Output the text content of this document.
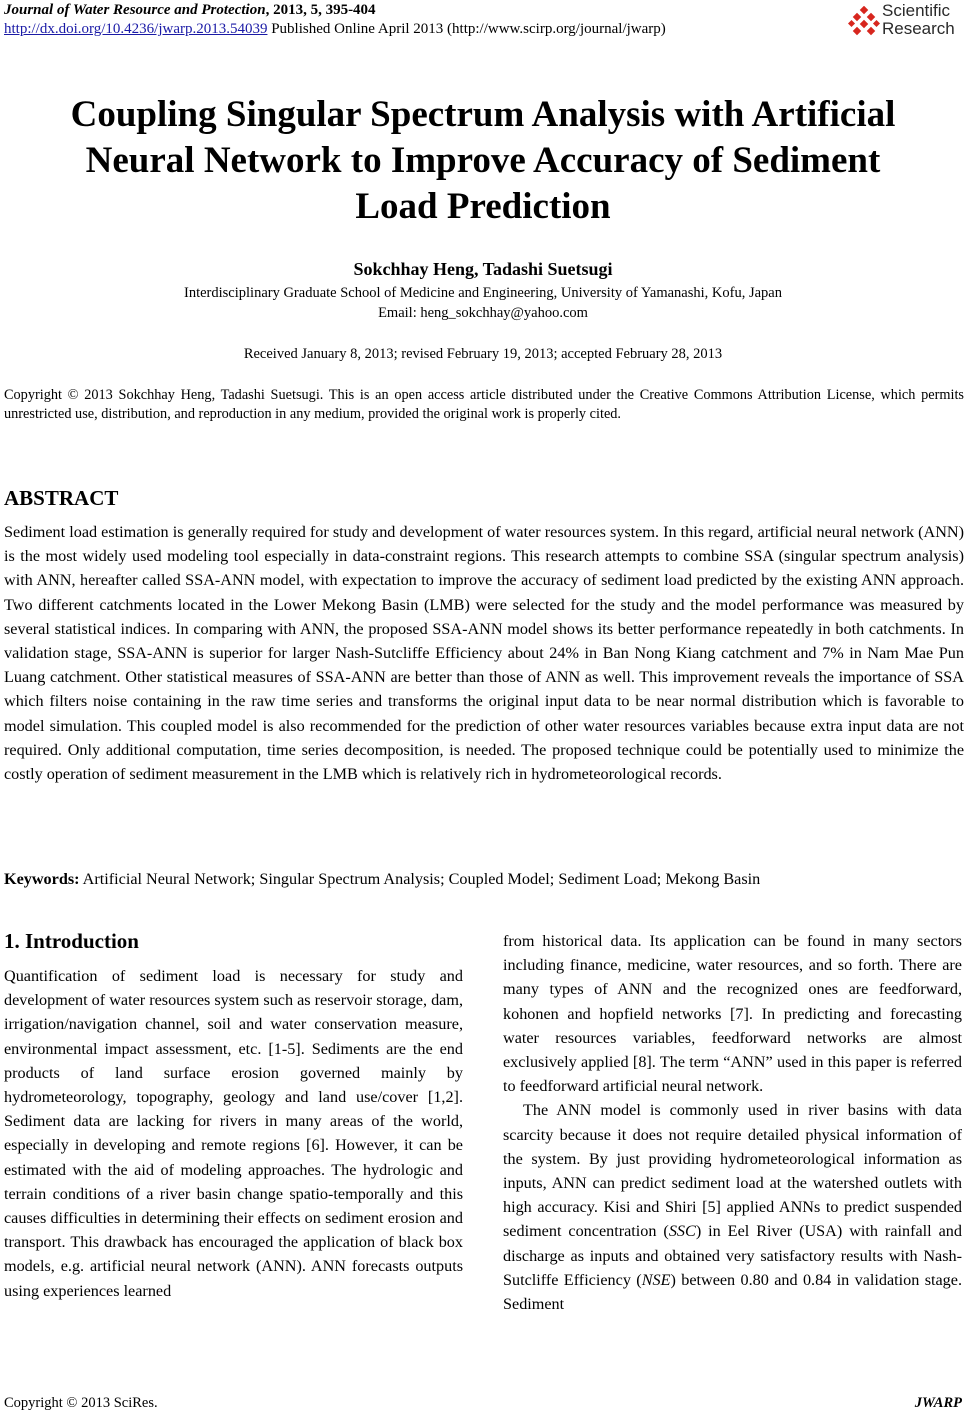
Journal of Water Resource and Protection, 2013, 5, 395-404
http://dx.doi.org/10.4236/jwarp.2013.54039 Published Online April 2013 (http://www.scirp.org/journal/jwarp)
Scientific
Research
Coupling Singular Spectrum Analysis with Artificial
Neural Network to Improve Accuracy of Sediment
Load Prediction
Sokchhay Heng, Tadashi Suetsugi
Interdisciplinary Graduate School of Medicine and Engineering, University of Yamanashi, Kofu, Japan
Email: heng_sokchhay@yahoo.com
Received January 8, 2013; revised February 19, 2013; accepted February 28, 2013
Copyright © 2013 Sokchhay Heng, Tadashi Suetsugi. This is an open access article distributed under the Creative Commons Attribution License, which permits unrestricted use, distribution, and reproduction in any medium, provided the original work is properly cited.
ABSTRACT
Sediment load estimation is generally required for study and development of water resources system. In this regard, artificial neural network (ANN) is the most widely used modeling tool especially in data-constraint regions. This research attempts to combine SSA (singular spectrum analysis) with ANN, hereafter called SSA-ANN model, with expectation to improve the accuracy of sediment load predicted by the existing ANN approach. Two different catchments located in the Lower Mekong Basin (LMB) were selected for the study and the model performance was measured by several statistical indices. In comparing with ANN, the proposed SSA-ANN model shows its better performance repeatedly in both catchments. In validation stage, SSA-ANN is superior for larger Nash-Sutcliffe Efficiency about 24% in Ban Nong Kiang catchment and 7% in Nam Mae Pun Luang catchment. Other statistical measures of SSA-ANN are better than those of ANN as well. This improvement reveals the importance of SSA which filters noise containing in the raw time series and transforms the original input data to be near normal distribution which is favorable to model simulation. This coupled model is also recommended for the prediction of other water resources variables because extra input data are not required. Only additional computation, time series decomposition, is needed. The proposed technique could be potentially used to minimize the costly operation of sediment measurement in the LMB which is relatively rich in hydrometeorological records.
Keywords: Artificial Neural Network; Singular Spectrum Analysis; Coupled Model; Sediment Load; Mekong Basin
1. Introduction

Quantification of sediment load is necessary for study and development of water resources system such as reservoir storage, dam, irrigation/navigation channel, soil and water conservation measure, environmental impact assessment, etc. [1-5]. Sediments are the end products of land surface erosion governed mainly by hydrometeorology, topography, geology and land use/cover [1,2]. Sediment data are lacking for rivers in many areas of the world, especially in developing and remote regions [6]. However, it can be estimated with the aid of modeling approaches. The hydrologic and terrain conditions of a river basin change spatio-temporally and this causes difficulties in determining their effects on sediment erosion and transport. This drawback has encouraged the application of black box models, e.g. artificial neural network (ANN). ANN forecasts outputs using experiences learned

from historical data. Its application can be found in many sectors including finance, medicine, water resources, and so forth. There are many types of ANN and the recognized ones are feedforward, kohonen and hopfield networks [7]. In predicting and forecasting water resources variables, feedforward networks are almost exclusively applied [8]. The term “ANN” used in this paper is referred to feedforward artificial neural network.

The ANN model is commonly used in river basins with data scarcity because it does not require detailed physical information of the system. By just providing hydrometeorological information as inputs, ANN can predict sediment load at the watershed outlets with high accuracy. Kisi and Shiri [5] applied ANNs to predict suspended sediment concentration (SSC) in Eel River (USA) with rainfall and discharge as inputs and obtained very satisfactory results with Nash-Sutcliffe Efficiency (NSE) between 0.80 and 0.84 in validation stage. Sediment

Copyright © 2013 SciRes.	JWARP
